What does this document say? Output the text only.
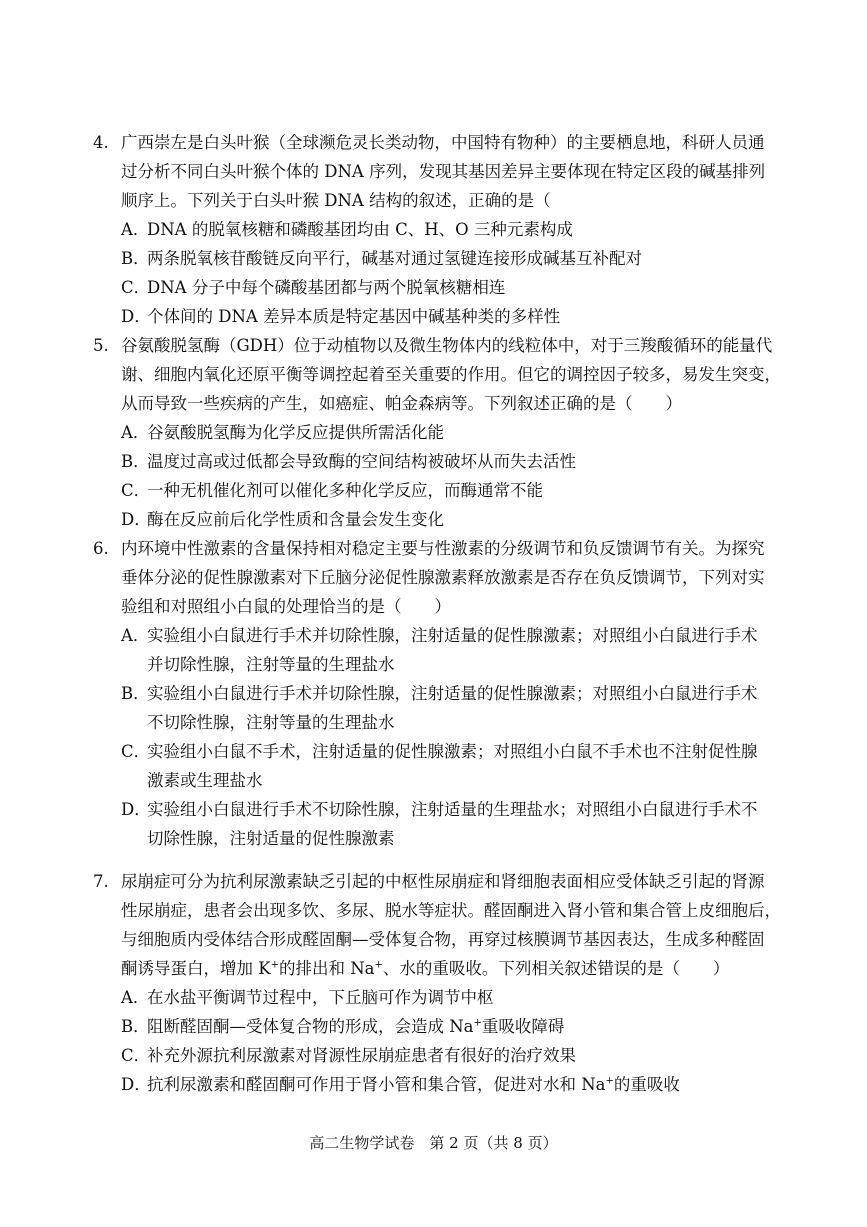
4. 广西崇左是白头叶猴（全球濒危灵长类动物，中国特有物种）的主要栖息地，科研人员通
过分析不同白头叶猴个体的 DNA 序列，发现其基因差异主要体现在特定区段的碱基排列
顺序上。下列关于白头叶猴 DNA 结构的叙述，正确的是（
A．DNA 的脱氧核糖和磷酸基团均由 C、H、O 三种元素构成
B．两条脱氧核苷酸链反向平行，碱基对通过氢键连接形成碱基互补配对
C．DNA 分子中每个磷酸基团都与两个脱氧核糖相连
D．个体间的 DNA 差异本质是特定基因中碱基种类的多样性
5. 谷氨酸脱氢酶（GDH）位于动植物以及微生物体内的线粒体中，对于三羧酸循环的能量代
谢、细胞内氧化还原平衡等调控起着至关重要的作用。但它的调控因子较多，易发生突变，
从而导致一些疾病的产生，如癌症、帕金森病等。下列叙述正确的是（　　）
A．谷氨酸脱氢酶为化学反应提供所需活化能
B．温度过高或过低都会导致酶的空间结构被破坏从而失去活性
C．一种无机催化剂可以催化多种化学反应，而酶通常不能
D．酶在反应前后化学性质和含量会发生变化
6. 内环境中性激素的含量保持相对稳定主要与性激素的分级调节和负反馈调节有关。为探究
垂体分泌的促性腺激素对下丘脑分泌促性腺激素释放激素是否存在负反馈调节，下列对实
验组和对照组小白鼠的处理恰当的是（　　）
A．实验组小白鼠进行手术并切除性腺，注射适量的促性腺激素；对照组小白鼠进行手术
并切除性腺，注射等量的生理盐水
B．实验组小白鼠进行手术并切除性腺，注射适量的促性腺激素；对照组小白鼠进行手术
不切除性腺，注射等量的生理盐水
C．实验组小白鼠不手术，注射适量的促性腺激素；对照组小白鼠不手术也不注射促性腺
激素或生理盐水
D．实验组小白鼠进行手术不切除性腺，注射适量的生理盐水；对照组小白鼠进行手术不
切除性腺，注射适量的促性腺激素
7. 尿崩症可分为抗利尿激素缺乏引起的中枢性尿崩症和肾细胞表面相应受体缺乏引起的肾源
性尿崩症，患者会出现多饮、多尿、脱水等症状。醛固酮进入肾小管和集合管上皮细胞后，
与细胞质内受体结合形成醛固酮—受体复合物，再穿过核膜调节基因表达，生成多种醛固
酮诱导蛋白，增加 K+的排出和 Na+、水的重吸收。下列相关叙述错误的是（　　）
A．在水盐平衡调节过程中，下丘脑可作为调节中枢
B．阻断醛固酮—受体复合物的形成，会造成 Na+重吸收障碍
C．补充外源抗利尿激素对肾源性尿崩症患者有很好的治疗效果
D．抗利尿激素和醛固酮可作用于肾小管和集合管，促进对水和 Na+的重吸收
高二生物学试卷　第 2 页（共 8 页）
